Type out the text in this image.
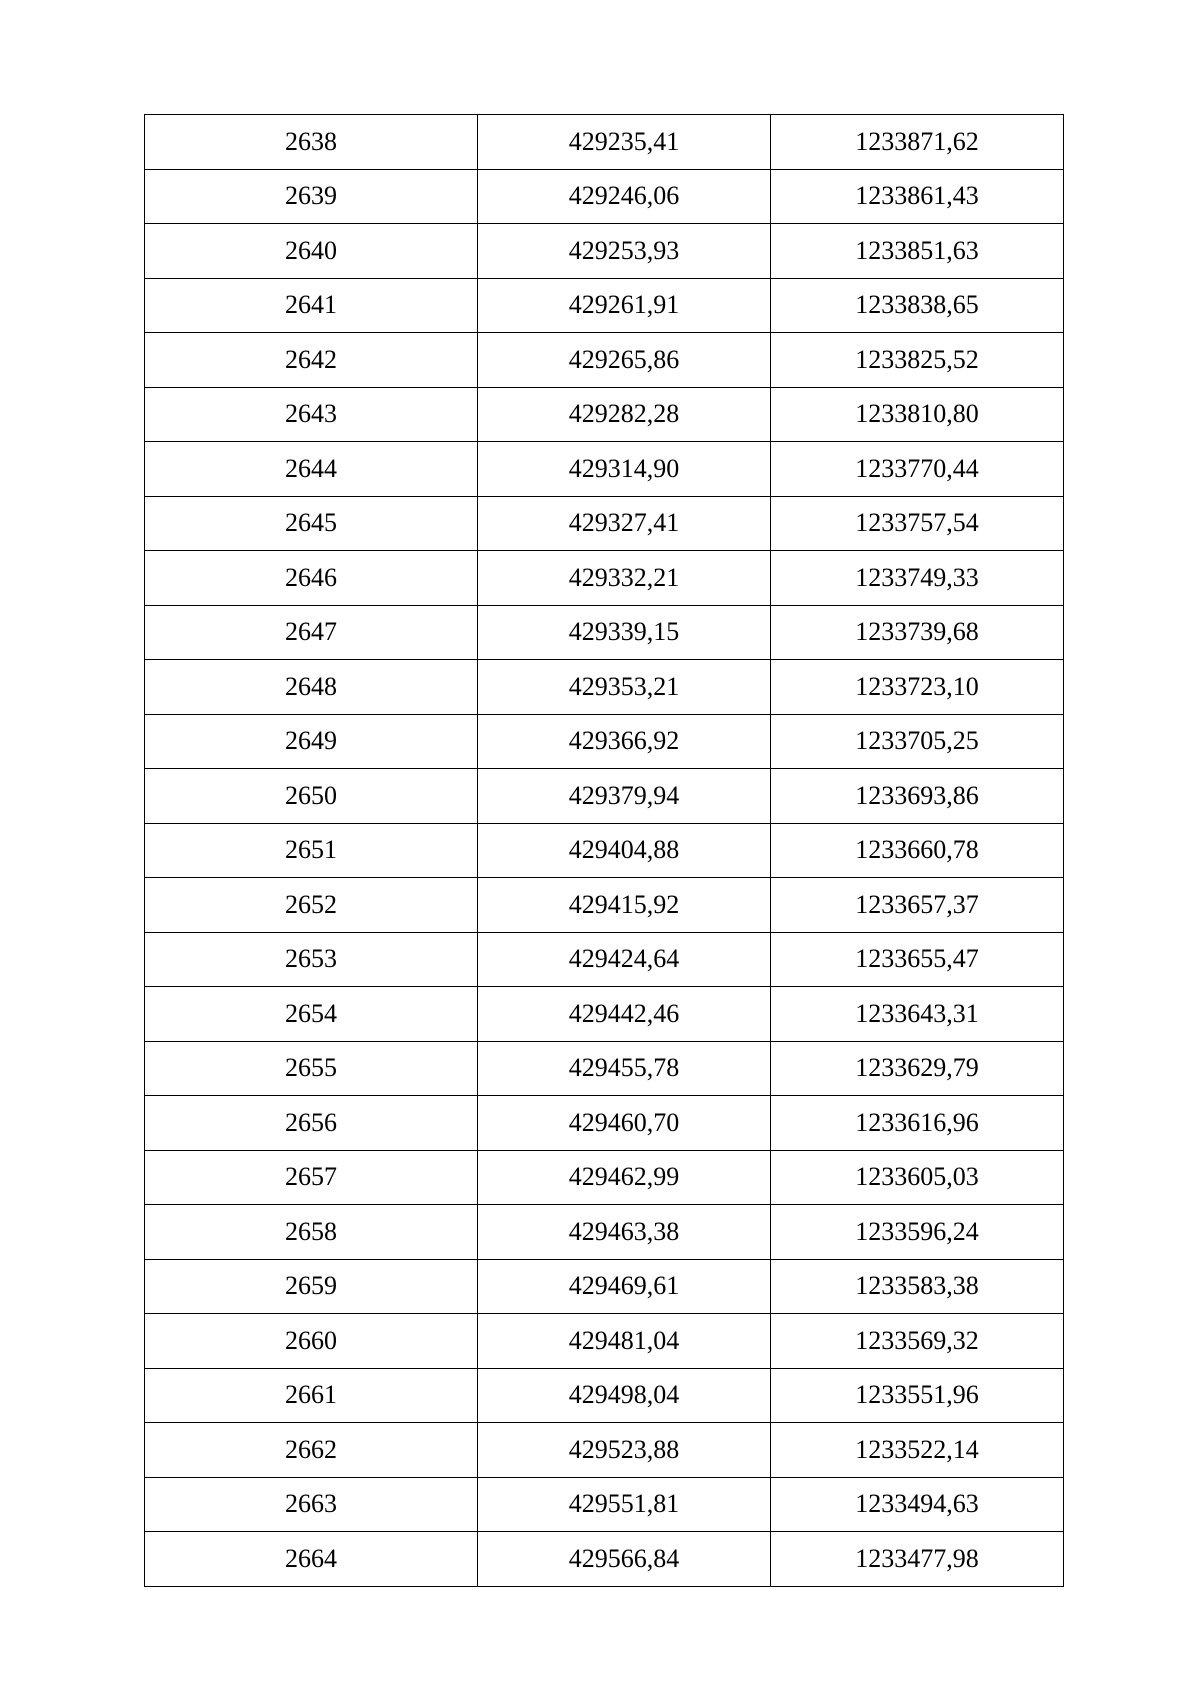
2638	429235,41	1233871,62
2639	429246,06	1233861,43
2640	429253,93	1233851,63
2641	429261,91	1233838,65
2642	429265,86	1233825,52
2643	429282,28	1233810,80
2644	429314,90	1233770,44
2645	429327,41	1233757,54
2646	429332,21	1233749,33
2647	429339,15	1233739,68
2648	429353,21	1233723,10
2649	429366,92	1233705,25
2650	429379,94	1233693,86
2651	429404,88	1233660,78
2652	429415,92	1233657,37
2653	429424,64	1233655,47
2654	429442,46	1233643,31
2655	429455,78	1233629,79
2656	429460,70	1233616,96
2657	429462,99	1233605,03
2658	429463,38	1233596,24
2659	429469,61	1233583,38
2660	429481,04	1233569,32
2661	429498,04	1233551,96
2662	429523,88	1233522,14
2663	429551,81	1233494,63
2664	429566,84	1233477,98
